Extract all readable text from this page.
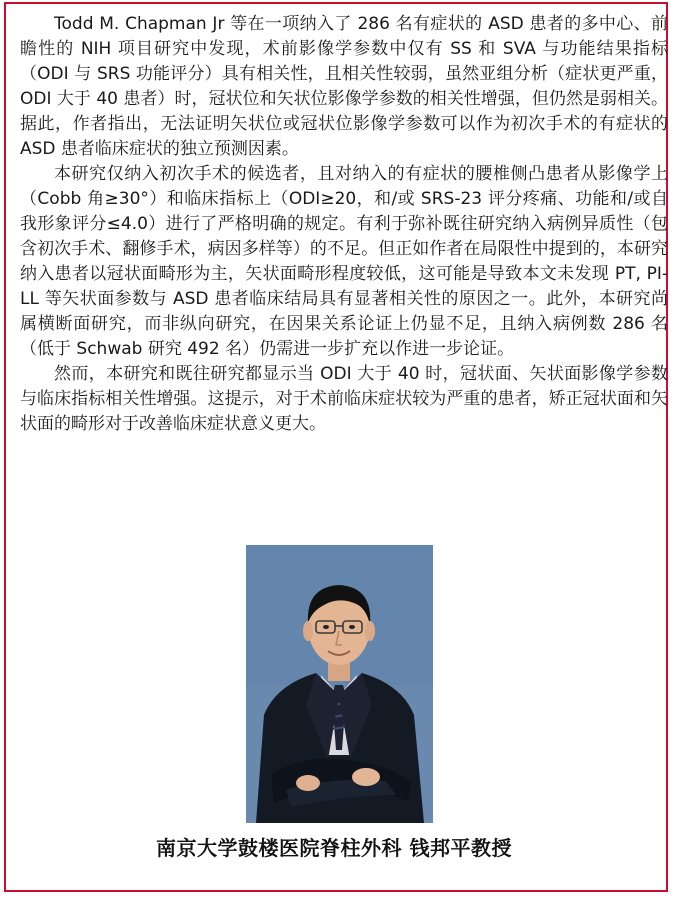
Todd M. Chapman Jr 等在一项纳入了 286 名有症状的 ASD 患者的多中心、前瞻性的 NIH 项目研究中发现，术前影像学参数中仅有 SS 和 SVA 与功能结果指标（ODI 与 SRS 功能评分）具有相关性，且相关性较弱，虽然亚组分析（症状更严重，ODI 大于 40 患者）时，冠状位和矢状位影像学参数的相关性增强，但仍然是弱相关。据此，作者指出，无法证明矢状位或冠状位影像学参数可以作为初次手术的有症状的 ASD 患者临床症状的独立预测因素。

本研究仅纳入初次手术的候选者，且对纳入的有症状的腰椎侧凸患者从影像学上（Cobb 角≥30°）和临床指标上（ODI≥20，和/或 SRS-23 评分疼痛、功能和/或自我形象评分≤4.0）进行了严格明确的规定。有利于弥补既往研究纳入病例异质性（包含初次手术、翻修手术，病因多样等）的不足。但正如作者在局限性中提到的，本研究纳入患者以冠状面畸形为主，矢状面畸形程度较低，这可能是导致本文未发现 PT, PI-LL 等矢状面参数与 ASD 患者临床结局具有显著相关性的原因之一。此外，本研究尚属横断面研究，而非纵向研究，在因果关系论证上仍显不足，且纳入病例数 286 名（低于 Schwab 研究 492 名）仍需进一步扩充以作进一步论证。

然而，本研究和既往研究都显示当 ODI 大于 40 时，冠状面、矢状面影像学参数与临床指标相关性增强。这提示，对于术前临床症状较为严重的患者，矫正冠状面和矢状面的畸形对于改善临床症状意义更大。

南京大学鼓楼医院脊柱外科 钱邦平教授
